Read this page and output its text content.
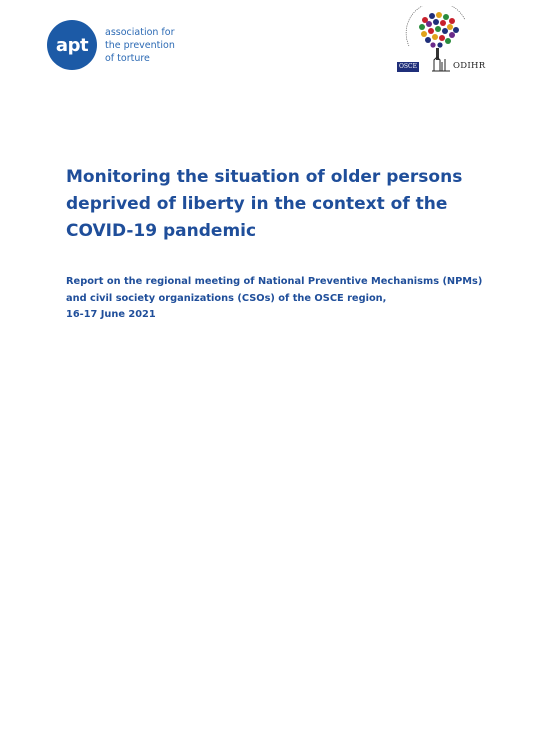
apt
association for
the prevention
of torture
OSCE	ODIHR
Monitoring the situation of older persons deprived of liberty in the context of the COVID-19 pandemic

Report on the regional meeting of National Preventive Mechanisms (NPMs)
and civil society organizations (CSOs) of the OSCE region,
16-17 June 2021
